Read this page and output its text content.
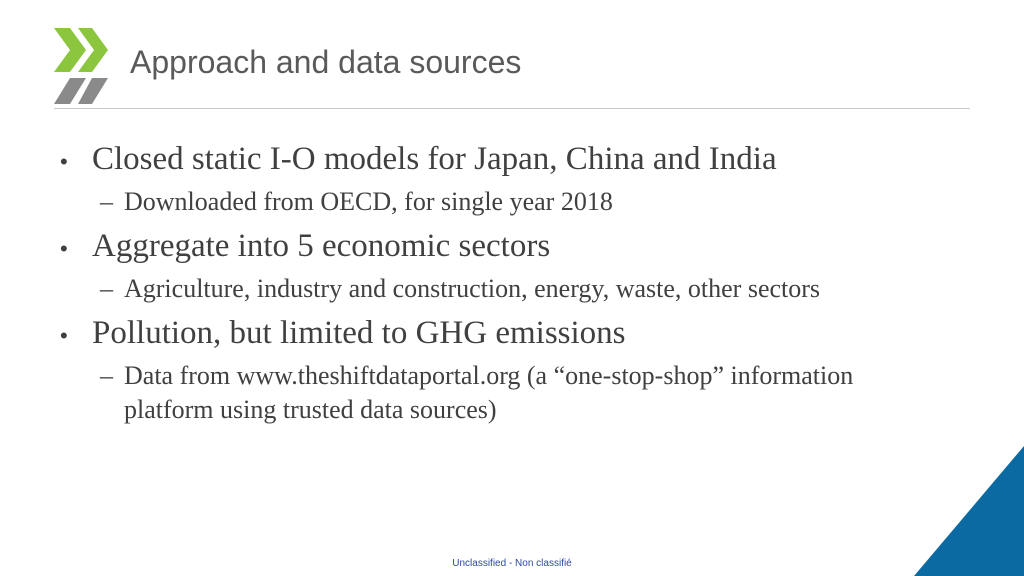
Approach and data sources
• Closed static I-O models for Japan, China and India
– Downloaded from OECD, for single year 2018
• Aggregate into 5 economic sectors
– Agriculture, industry and construction, energy, waste, other sectors
• Pollution, but limited to GHG emissions
– Data from www.theshiftdataportal.org (a “one-stop-shop” information platform using trusted data sources)
Unclassified - Non classifié
